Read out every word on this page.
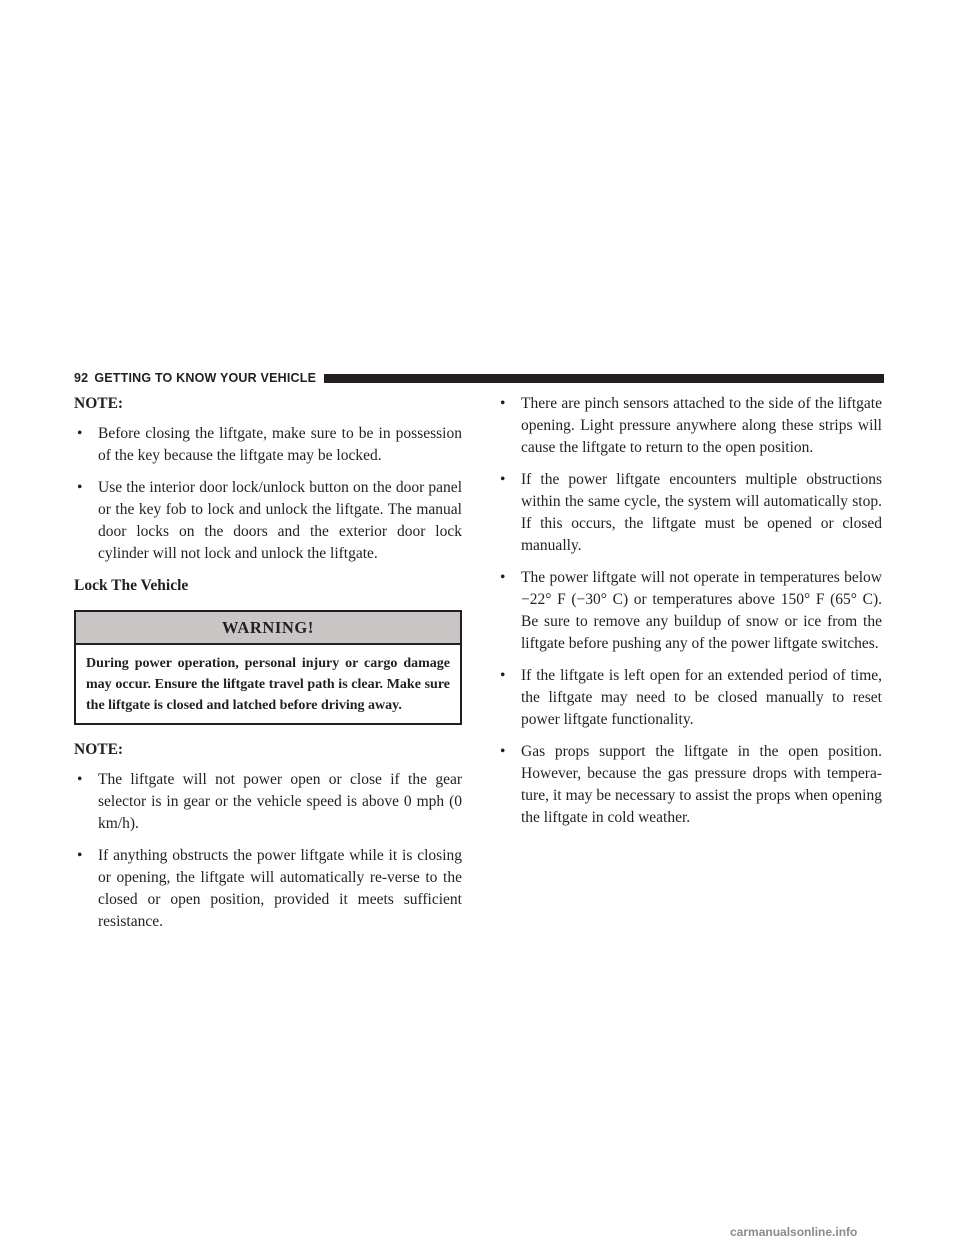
92 GETTING TO KNOW YOUR VEHICLE
NOTE:
• Before closing the liftgate, make sure to be in possession of the key because the liftgate may be locked.
• Use the interior door lock/unlock button on the door panel or the key fob to lock and unlock the liftgate. The manual door locks on the doors and the exterior door lock cylinder will not lock and unlock the liftgate.
Lock The Vehicle
WARNING!
During power operation, personal injury or cargo damage may occur. Ensure the liftgate travel path is clear. Make sure the liftgate is closed and latched before driving away.
NOTE:
• The liftgate will not power open or close if the gear selector is in gear or the vehicle speed is above 0 mph (0 km/h).
• If anything obstructs the power liftgate while it is closing or opening, the liftgate will automatically re-verse to the closed or open position, provided it meets sufficient resistance.
• There are pinch sensors attached to the side of the liftgate opening. Light pressure anywhere along these strips will cause the liftgate to return to the open position.
• If the power liftgate encounters multiple obstructions within the same cycle, the system will automatically stop. If this occurs, the liftgate must be opened or closed manually.
• The power liftgate will not operate in temperatures below −22° F (−30° C) or temperatures above 150° F (65° C). Be sure to remove any buildup of snow or ice from the liftgate before pushing any of the power liftgate switches.
• If the liftgate is left open for an extended period of time, the liftgate may need to be closed manually to reset power liftgate functionality.
• Gas props support the liftgate in the open position. However, because the gas pressure drops with tempera-ture, it may be necessary to assist the props when opening the liftgate in cold weather.
carmanualsonline.info
